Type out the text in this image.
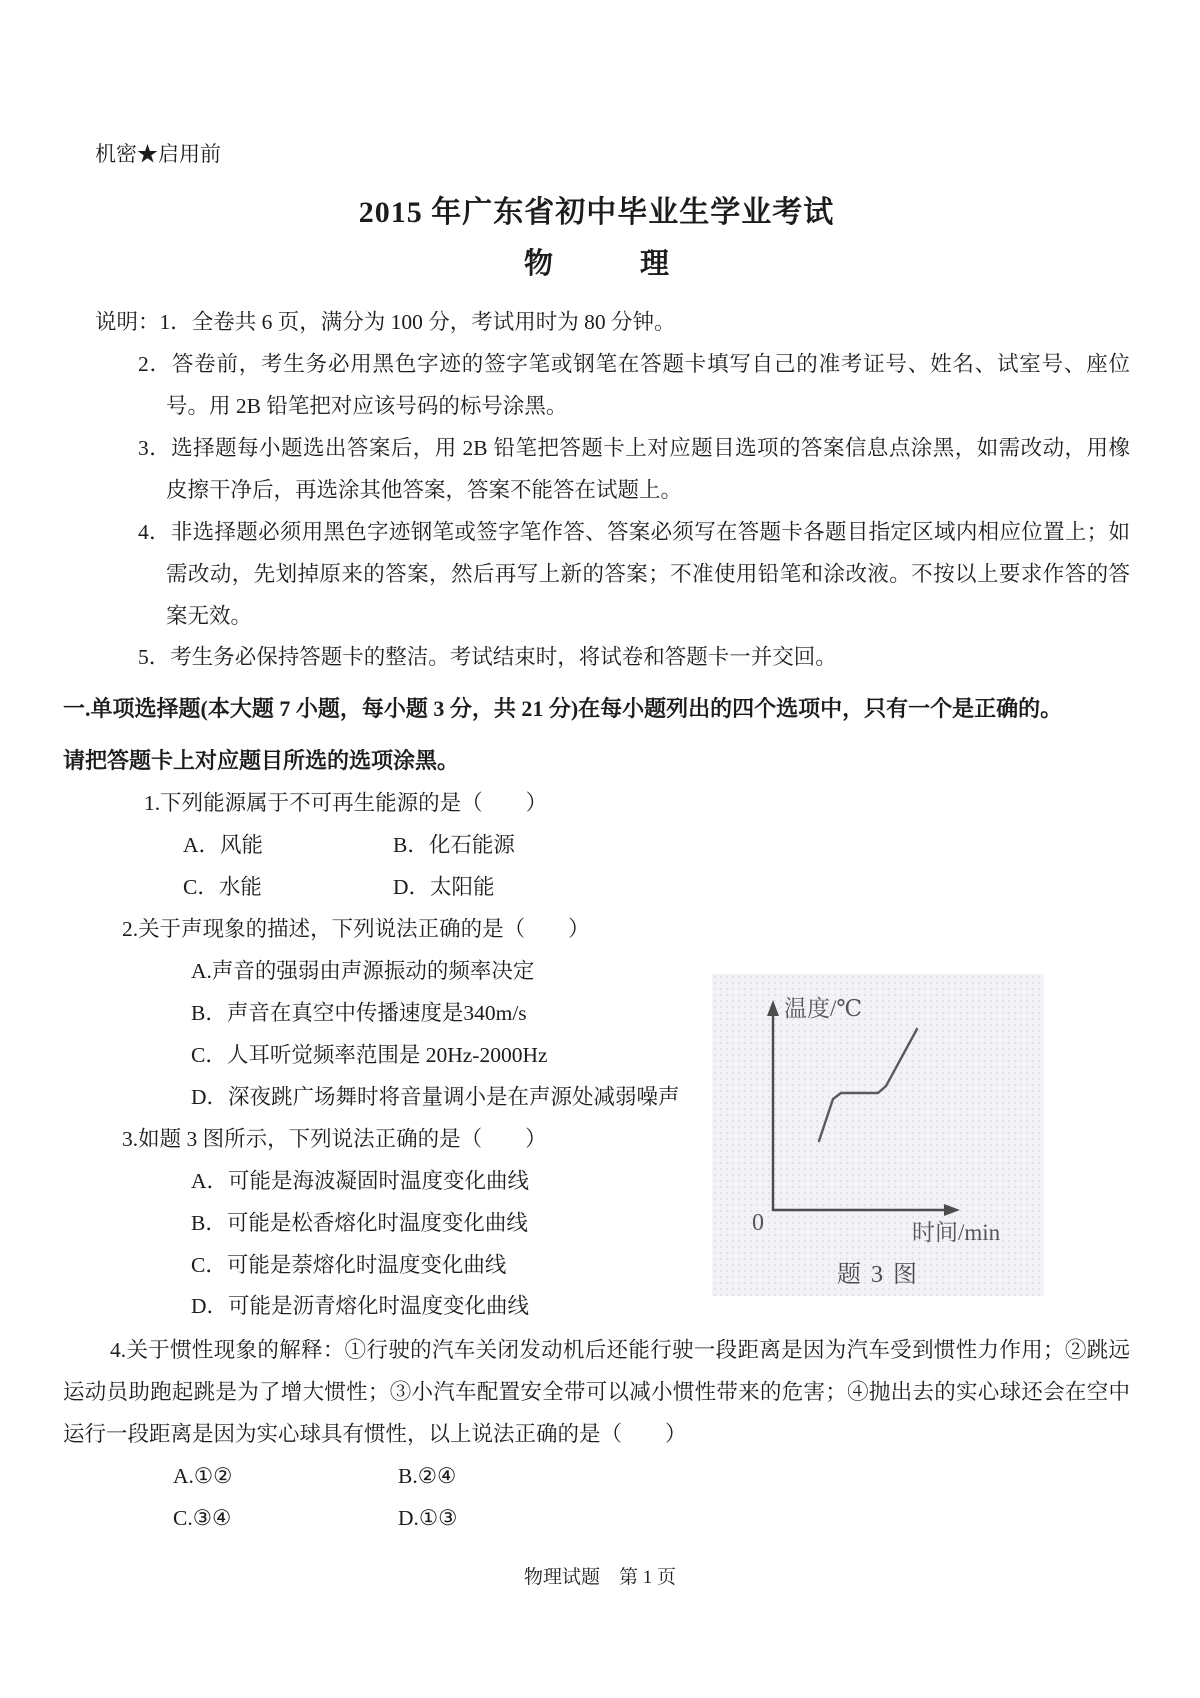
机密★启用前
2015 年广东省初中毕业生学业考试
物　　　理
说明：1．全卷共 6 页，满分为 100 分，考试用时为 80 分钟。

2．答卷前，考生务必用黑色字迹的签字笔或钢笔在答题卡填写自己的准考证号、姓名、试室号、座位号。用 2B 铅笔把对应该号码的标号涂黑。

3．选择题每小题选出答案后，用 2B 铅笔把答题卡上对应题目选项的答案信息点涂黑，如需改动，用橡皮擦干净后，再选涂其他答案，答案不能答在试题上。

4．非选择题必须用黑色字迹钢笔或签字笔作答、答案必须写在答题卡各题目指定区域内相应位置上；如需改动，先划掉原来的答案，然后再写上新的答案；不准使用铅笔和涂改液。不按以上要求作答的答案无效。

5．考生务必保持答题卡的整洁。考试结束时，将试卷和答题卡一并交回。

一.单项选择题(本大题 7 小题，每小题 3 分，共 21 分)在每小题列出的四个选项中，只有一个是正确的。
请把答题卡上对应题目所选的选项涂黑。
1.下列能源属于不可再生能源的是（　　）
A．风能	B．化石能源
C．水能	D．太阳能
2.关于声现象的描述，下列说法正确的是（　　）
A.声音的强弱由声源振动的频率决定
B．声音在真空中传播速度是340m/s
C．人耳听觉频率范围是 20Hz-2000Hz
D．深夜跳广场舞时将音量调小是在声源处减弱噪声
3.如题 3 图所示，下列说法正确的是（　　）
A．可能是海波凝固时温度变化曲线
B．可能是松香熔化时温度变化曲线
C．可能是萘熔化时温度变化曲线
D．可能是沥青熔化时温度变化曲线
4.关于惯性现象的解释：①行驶的汽车关闭发动机后还能行驶一段距离是因为汽车受到惯性力作用；②跳远运动员助跑起跳是为了增大惯性；③小汽车配置安全带可以减小惯性带来的危害；④抛出去的实心球还会在空中运行一段距离是因为实心球具有惯性，以上说法正确的是（　　）
A.①②	B.②④
C.③④	D.①③
温度/℃
0	时间/min
题 3 图
物理试题　第 1 页
